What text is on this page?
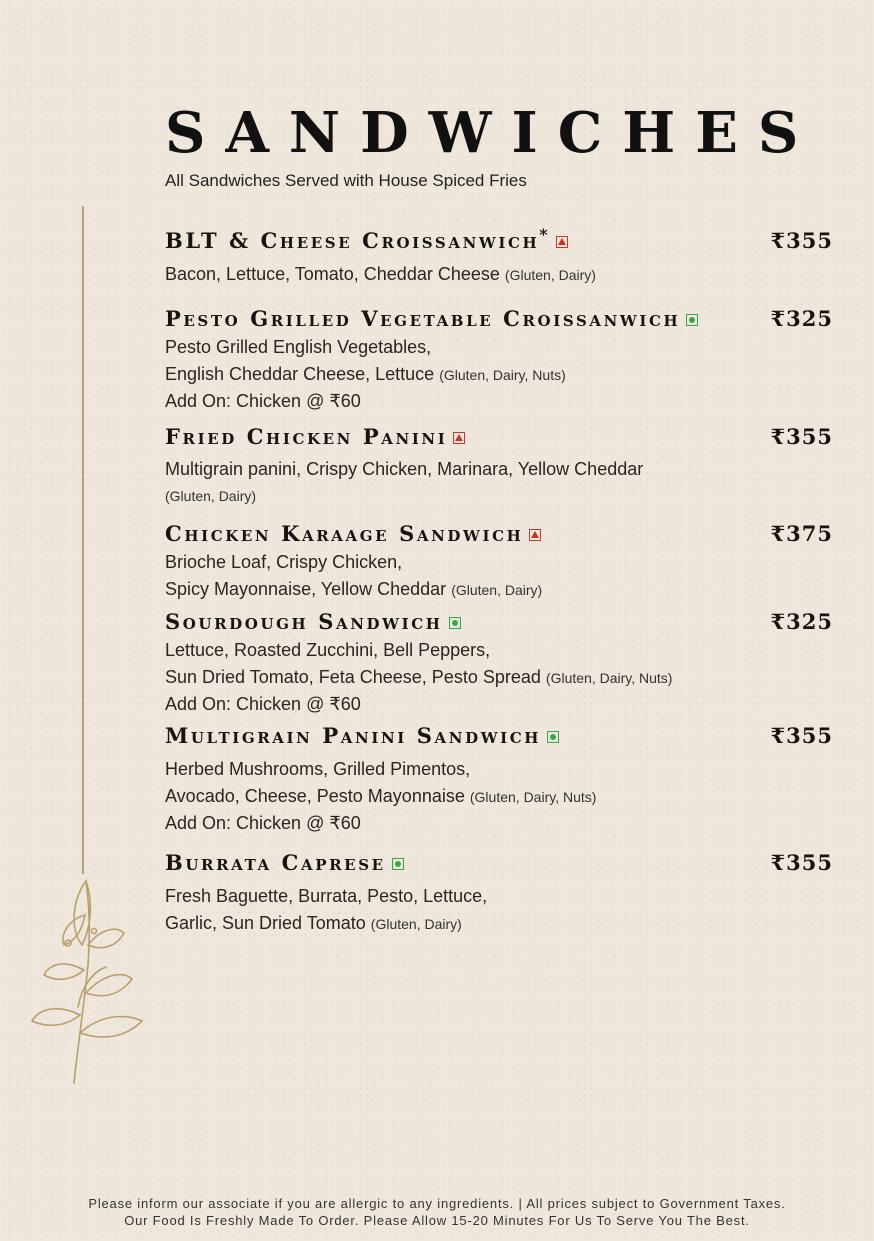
SANDWICHES
All Sandwiches Served with House Spiced Fries
BLT & Cheese Croissanwich*	₹355
Bacon, Lettuce, Tomato, Cheddar Cheese (Gluten, Dairy)
Pesto Grilled Vegetable Croissanwich	₹325
Pesto Grilled English Vegetables,
English Cheddar Cheese, Lettuce (Gluten, Dairy, Nuts)
Add On: Chicken @ ₹60
Fried Chicken Panini	₹355
Multigrain panini, Crispy Chicken, Marinara, Yellow Cheddar
(Gluten, Dairy)
Chicken Karaage Sandwich	₹375
Brioche Loaf, Crispy Chicken,
Spicy Mayonnaise, Yellow Cheddar (Gluten, Dairy)
Sourdough Sandwich	₹325
Lettuce, Roasted Zucchini, Bell Peppers,
Sun Dried Tomato, Feta Cheese, Pesto Spread (Gluten, Dairy, Nuts)
Add On: Chicken @ ₹60
Multigrain Panini Sandwich	₹355
Herbed Mushrooms, Grilled Pimentos,
Avocado, Cheese, Pesto Mayonnaise (Gluten, Dairy, Nuts)
Add On: Chicken @ ₹60
Burrata Caprese	₹355
Fresh Baguette, Burrata, Pesto, Lettuce,
Garlic, Sun Dried Tomato (Gluten, Dairy)
Please inform our associate if you are allergic to any ingredients. | All prices subject to Government Taxes.
Our Food Is Freshly Made To Order. Please Allow 15-20 Minutes For Us To Serve You The Best.
